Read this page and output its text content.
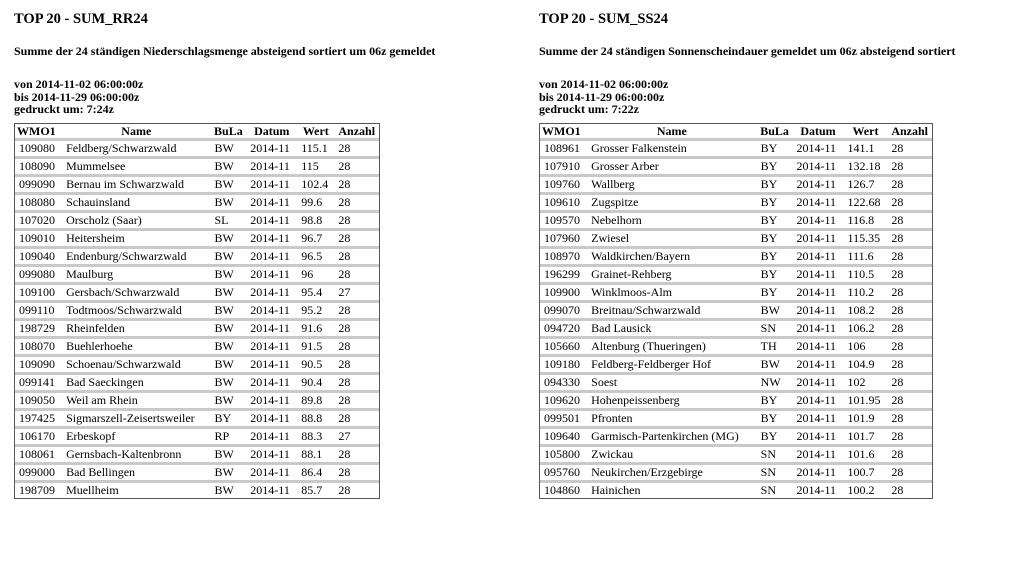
TOP 20 - SUM_RR24
Summe der 24 ständigen Niederschlagsmenge absteigend sortiert um 06z gemeldet
von 2014-11-02 06:00:00z
bis 2014-11-29 06:00:00z
gedruckt um: 7:24z
WMO1	Name	BuLa	Datum	Wert	Anzahl
109080	Feldberg/Schwarzwald	BW	2014-11	115.1	28
108090	Mummelsee	BW	2014-11	115	28
099090	Bernau im Schwarzwald	BW	2014-11	102.4	28
108080	Schauinsland	BW	2014-11	99.6	28
107020	Orscholz (Saar)	SL	2014-11	98.8	28
109010	Heitersheim	BW	2014-11	96.7	28
109040	Endenburg/Schwarzwald	BW	2014-11	96.5	28
099080	Maulburg	BW	2014-11	96	28
109100	Gersbach/Schwarzwald	BW	2014-11	95.4	27
099110	Todtmoos/Schwarzwald	BW	2014-11	95.2	28
198729	Rheinfelden	BW	2014-11	91.6	28
108070	Buehlerhoehe	BW	2014-11	91.5	28
109090	Schoenau/Schwarzwald	BW	2014-11	90.5	28
099141	Bad Saeckingen	BW	2014-11	90.4	28
109050	Weil am Rhein	BW	2014-11	89.8	28
197425	Sigmarszell-Zeisertsweiler	BY	2014-11	88.8	28
106170	Erbeskopf	RP	2014-11	88.3	27
108061	Gernsbach-Kaltenbronn	BW	2014-11	88.1	28
099000	Bad Bellingen	BW	2014-11	86.4	28
198709	Muellheim	BW	2014-11	85.7	28
TOP 20 - SUM_SS24
Summe der 24 ständigen Sonnenscheindauer gemeldet um 06z absteigend sortiert
von 2014-11-02 06:00:00z
bis 2014-11-29 06:00:00z
gedruckt um: 7:22z
WMO1	Name	BuLa	Datum	Wert	Anzahl
108961	Grosser Falkenstein	BY	2014-11	141.1	28
107910	Grosser Arber	BY	2014-11	132.18	28
109760	Wallberg	BY	2014-11	126.7	28
109610	Zugspitze	BY	2014-11	122.68	28
109570	Nebelhorn	BY	2014-11	116.8	28
107960	Zwiesel	BY	2014-11	115.35	28
108970	Waldkirchen/Bayern	BY	2014-11	111.6	28
196299	Grainet-Rehberg	BY	2014-11	110.5	28
109900	Winklmoos-Alm	BY	2014-11	110.2	28
099070	Breitnau/Schwarzwald	BW	2014-11	108.2	28
094720	Bad Lausick	SN	2014-11	106.2	28
105660	Altenburg (Thueringen)	TH	2014-11	106	28
109180	Feldberg-Feldberger Hof	BW	2014-11	104.9	28
094330	Soest	NW	2014-11	102	28
109620	Hohenpeissenberg	BY	2014-11	101.95	28
099501	Pfronten	BY	2014-11	101.9	28
109640	Garmisch-Partenkirchen (MG)	BY	2014-11	101.7	28
105800	Zwickau	SN	2014-11	101.6	28
095760	Neukirchen/Erzgebirge	SN	2014-11	100.7	28
104860	Hainichen	SN	2014-11	100.2	28
